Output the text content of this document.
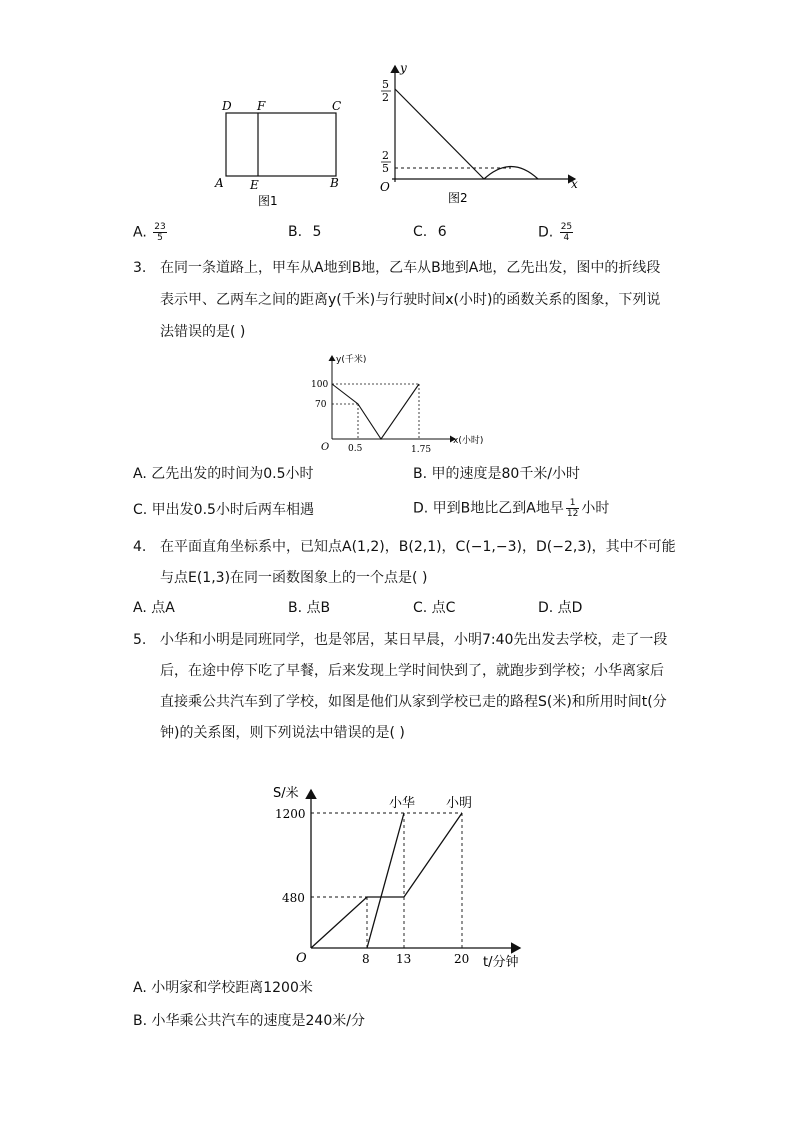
D F	C
A E	B
图1
y
x
O
5
2
2
5
图2
A. $\frac{23}{5}$	B. 5	C. 6	D. $\frac{25}{4}$
3. 在同一条道路上，甲车从A地到B地，乙车从B地到A地，乙先出发，图中的折线段
表示甲、乙两车之间的距离y(千米)与行驶时间x(小时)的函数关系的图象，下列说
法错误的是( )
y(千米)
x(小时)
O
100
70
0.5	1.75
A. 乙先出发的时间为0.5小时	B. 甲的速度是80千米/小时
C. 甲出发0.5小时后两车相遇	D. 甲到B地比乙到A地早 $\frac{1}{12}$ 小时
4. 在平面直角坐标系中，已知点A(1,2)，B(2,1)，C(−1,−3)，D(−2,3)，其中不可能
与点E(1,3)在同一函数图象上的一个点是( )
A. 点A	B. 点B	C. 点C	D. 点D
5. 小华和小明是同班同学，也是邻居，某日早晨，小明7:40先出发去学校，走了一段
后，在途中停下吃了早餐，后来发现上学时间快到了，就跑步到学校；小华离家后
直接乘公共汽车到了学校，如图是他们从家到学校已走的路程S(米)和所用时间t(分
钟)的关系图，则下列说法中错误的是( )
S/米
t/分钟
O
1200
480
8 13	20
小华 小明
A. 小明家和学校距离1200米
B. 小华乘公共汽车的速度是240米/分
